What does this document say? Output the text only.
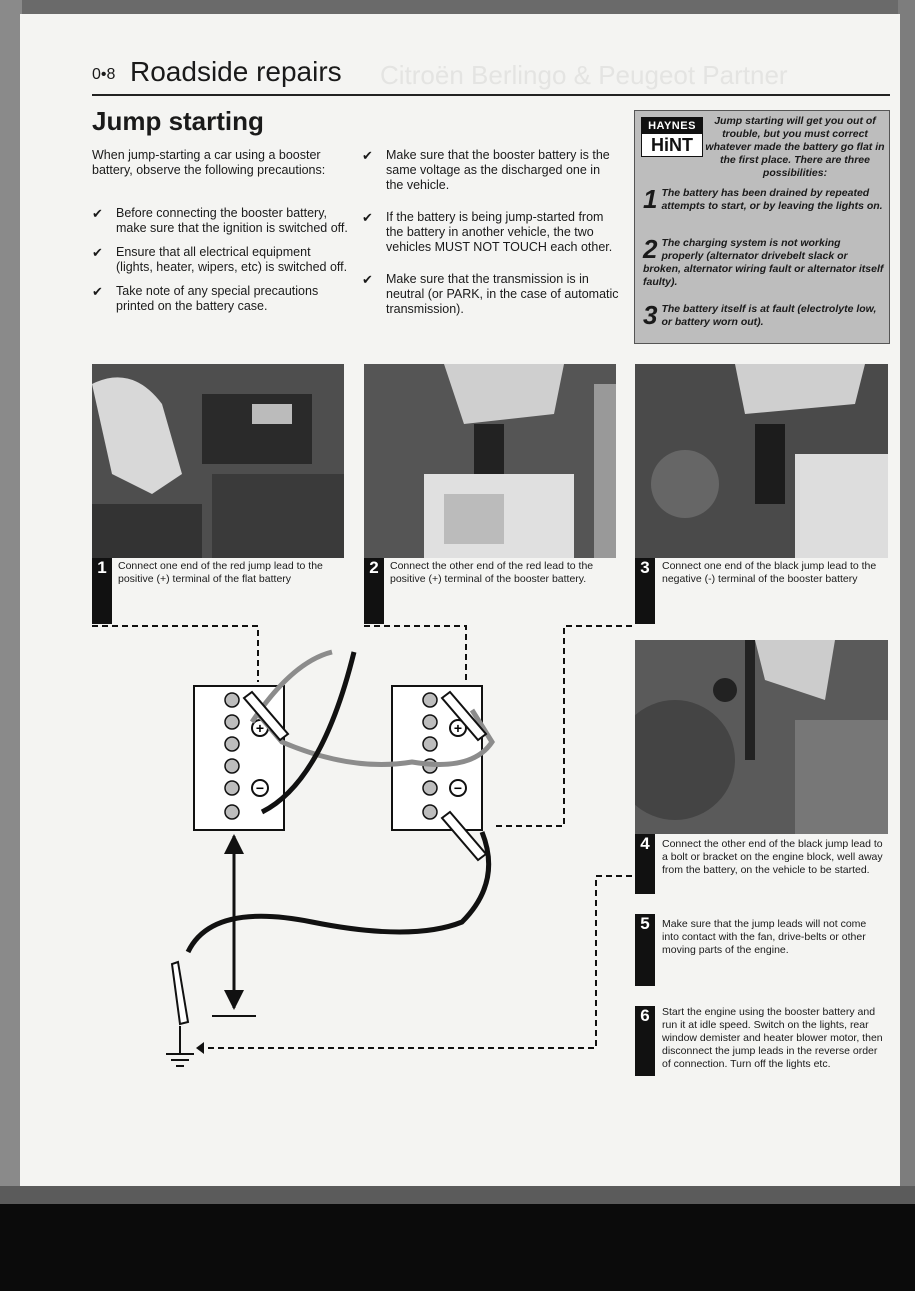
Citroën Berlingo & Peugeot Partner
0•8 Roadside repairs
Jump starting
When jump-starting a car using a booster battery, observe the following precautions:
✔ Before connecting the booster battery, make sure that the ignition is switched off.
✔ Ensure that all electrical equipment (lights, heater, wipers, etc) is switched off.
✔ Take note of any special precautions printed on the battery case.
✔ Make sure that the booster battery is the same voltage as the discharged one in the vehicle.
✔ If the battery is being jump-started from the battery in another vehicle, the two vehicles MUST NOT TOUCH each other.
✔ Make sure that the transmission is in neutral (or PARK, in the case of automatic transmission).
HAYNES
HiNT
Jump starting will get you out of trouble, but you must correct whatever made the battery go flat in the first place. There are three possibilities:
1 The battery has been drained by repeated attempts to start, or by leaving the lights on.
2 The charging system is not working properly (alternator drivebelt slack or broken, alternator wiring fault or alternator itself faulty).
3 The battery itself is at fault (electrolyte low, or battery worn out).
1	Connect one end of the red jump lead to the positive (+) terminal of the flat battery
2	Connect the other end of the red lead to the positive (+) terminal of the booster battery.
3	Connect one end of the black jump lead to the negative (-) terminal of the booster battery
4	Connect the other end of the black jump lead to a bolt or bracket on the engine block, well away from the battery, on the vehicle to be started.
5	Make sure that the jump leads will not come into contact with the fan, drive-belts or other moving parts of the engine.
6	Start the engine using the booster battery and run it at idle speed. Switch on the lights, rear window demister and heater blower motor, then disconnect the jump leads in the reverse order of connection. Turn off the lights etc.
+
−
+
−
